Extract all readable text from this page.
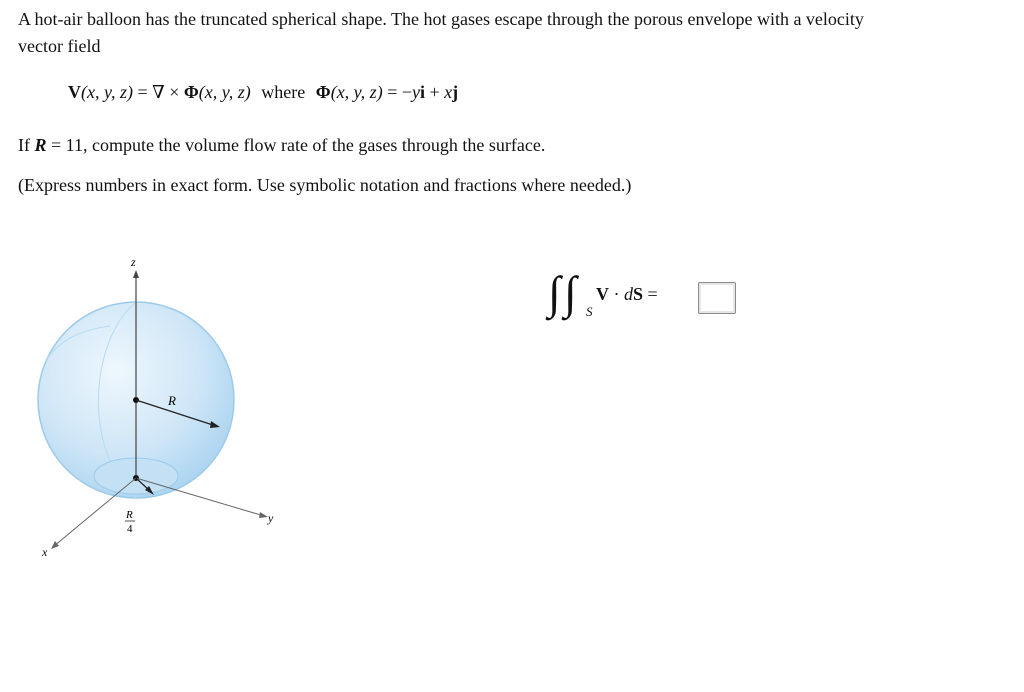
A hot-air balloon has the truncated spherical shape. The hot gases escape through the porous envelope with a velocity
vector field
V(x, y, z) = ∇ × Φ(x, y, z) where Φ(x, y, z) = −yi + xj
If R = 11, compute the volume flow rate of the gases through the surface.
(Express numbers in exact form. Use symbolic notation and fractions where needed.)
z
R
y
x
R
4
∫ ∫ S
V · dS =
